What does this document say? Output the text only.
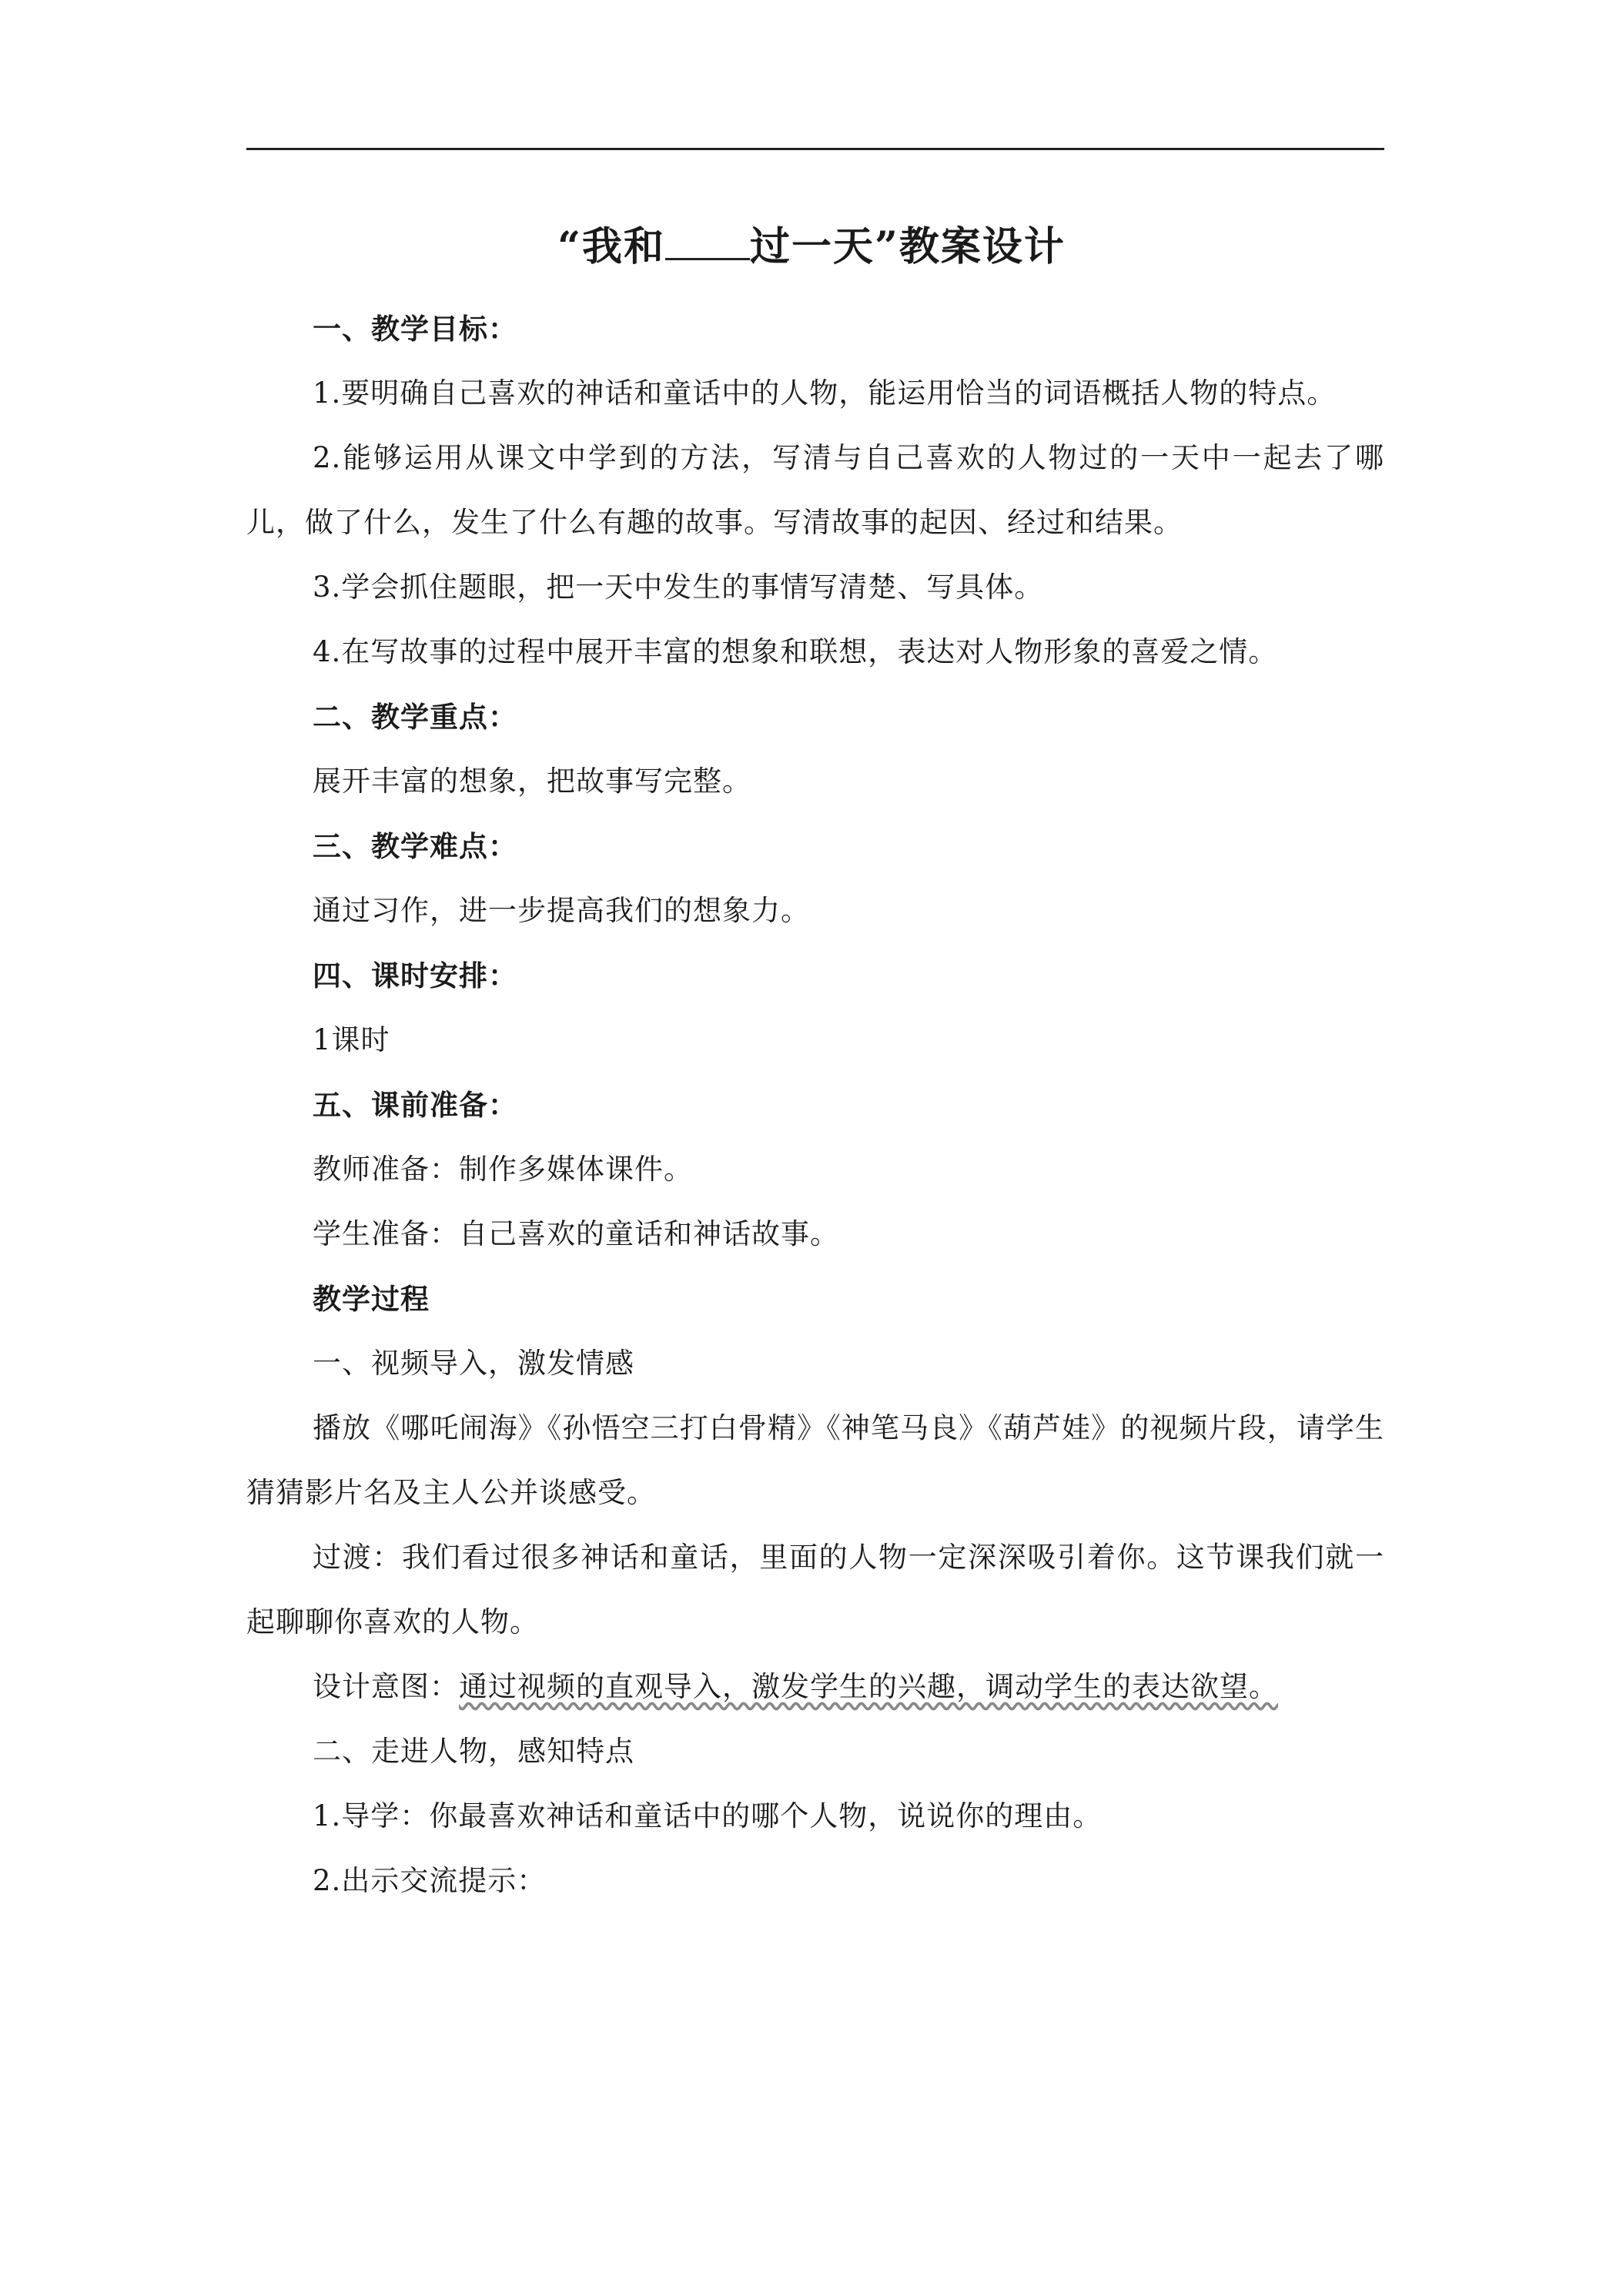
“我和 过一天”教案设计

一、教学目标：

1.要明确自己喜欢的神话和童话中的人物，能运用恰当的词语概括人物的特点。

2.能够运用从课文中学到的方法，写清与自己喜欢的人物过的一天中一起去了哪儿，做了什么，发生了什么有趣的故事。写清故事的起因、经过和结果。

3.学会抓住题眼，把一天中发生的事情写清楚、写具体。

4.在写故事的过程中展开丰富的想象和联想，表达对人物形象的喜爱之情。

二、教学重点：

展开丰富的想象，把故事写完整。

三、教学难点：

通过习作，进一步提高我们的想象力。

四、课时安排：

1课时

五、课前准备：

教师准备：制作多媒体课件。

学生准备：自己喜欢的童话和神话故事。

教学过程

一、视频导入，激发情感

播放《哪吒闹海》《孙悟空三打白骨精》《神笔马良》《葫芦娃》的视频片段，请学生猜猜影片名及主人公并谈感受。

过渡：我们看过很多神话和童话，里面的人物一定深深吸引着你。这节课我们就一起聊聊你喜欢的人物。

设计意图：通过视频的直观导入，激发学生的兴趣，调动学生的表达欲望。

二、走进人物，感知特点

1.导学：你最喜欢神话和童话中的哪个人物，说说你的理由。

2.出示交流提示：
